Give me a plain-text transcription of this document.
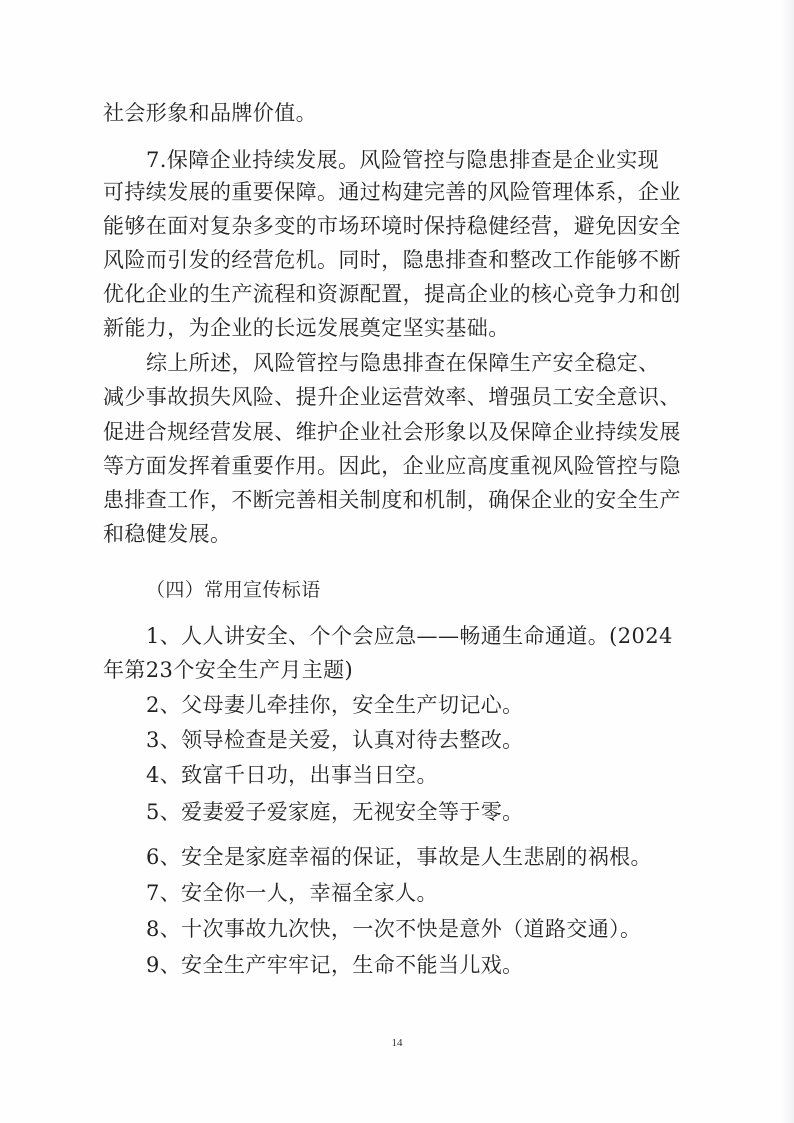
社会形象和品牌价值。
7.保障企业持续发展。风险管控与隐患排查是企业实现
可持续发展的重要保障。通过构建完善的风险管理体系，企业
能够在面对复杂多变的市场环境时保持稳健经营，避免因安全
风险而引发的经营危机。同时，隐患排查和整改工作能够不断
优化企业的生产流程和资源配置，提高企业的核心竞争力和创
新能力，为企业的长远发展奠定坚实基础。
综上所述，风险管控与隐患排查在保障生产安全稳定、
减少事故损失风险、提升企业运营效率、增强员工安全意识、
促进合规经营发展、维护企业社会形象以及保障企业持续发展
等方面发挥着重要作用。因此，企业应高度重视风险管控与隐
患排查工作，不断完善相关制度和机制，确保企业的安全生产
和稳健发展。
（四）常用宣传标语
1、人人讲安全、个个会应急——畅通生命通道。(2024
年第23个安全生产月主题)
2、父母妻儿牵挂你，安全生产切记心。
3、领导检查是关爱，认真对待去整改。
4、致富千日功，出事当日空。
5、爱妻爱子爱家庭，无视安全等于零。
6、安全是家庭幸福的保证，事故是人生悲剧的祸根。
7、安全你一人，幸福全家人。
8、十次事故九次快，一次不快是意外（道路交通）。
9、安全生产牢牢记，生命不能当儿戏。
14
